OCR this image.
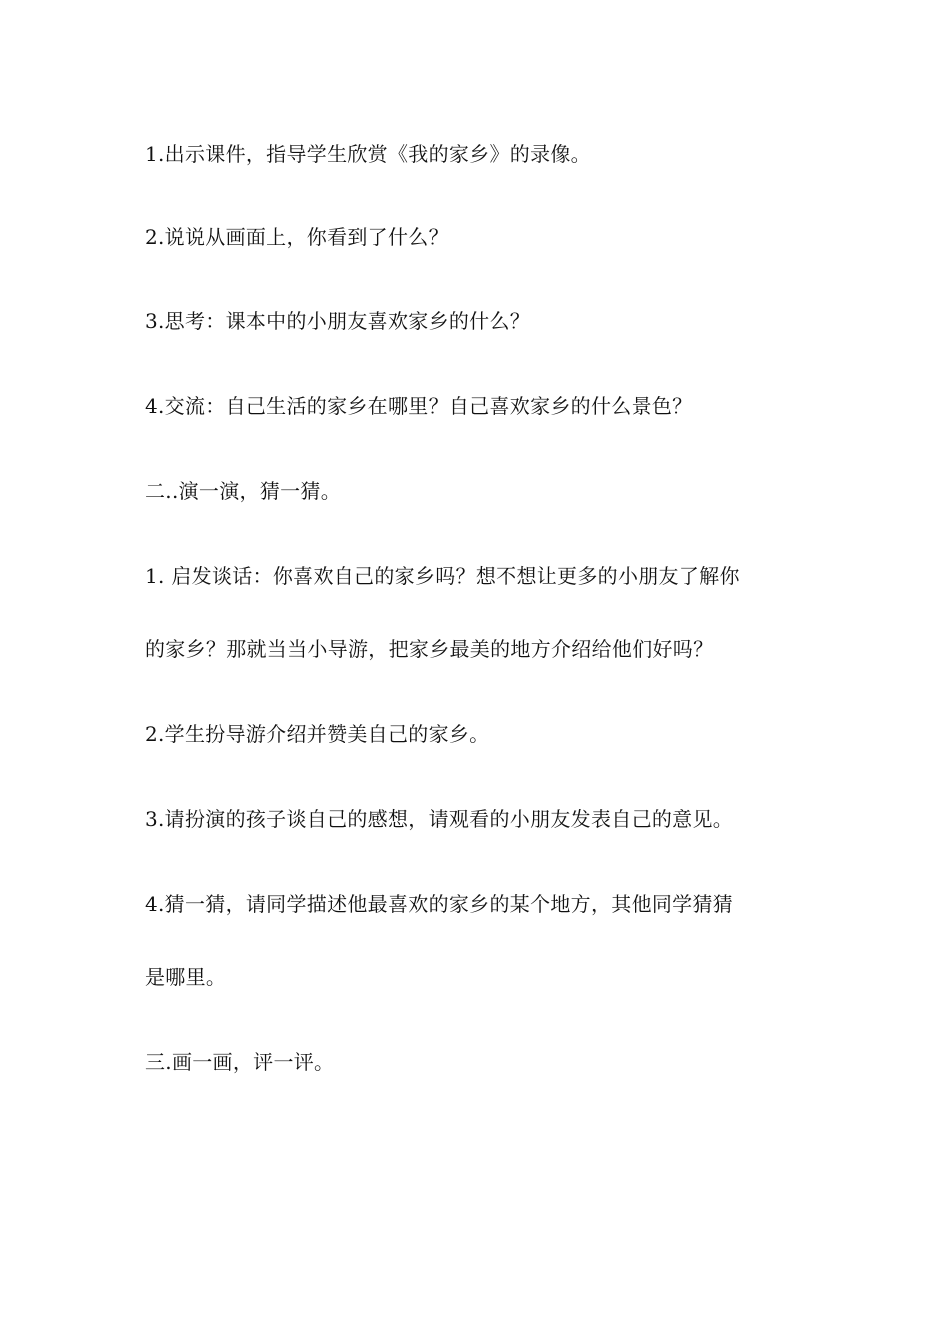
1.出示课件，指导学生欣赏《我的家乡》的录像。
2.说说从画面上，你看到了什么？
3.思考：课本中的小朋友喜欢家乡的什么？
4.交流：自己生活的家乡在哪里？自己喜欢家乡的什么景色？
二..演一演，猜一猜。
1. 启发谈话：你喜欢自己的家乡吗？想不想让更多的小朋友了解你
的家乡？那就当当小导游，把家乡最美的地方介绍给他们好吗？
2.学生扮导游介绍并赞美自己的家乡。
3.请扮演的孩子谈自己的感想，请观看的小朋友发表自己的意见。
4.猜一猜，请同学描述他最喜欢的家乡的某个地方，其他同学猜猜
是哪里。
三.画一画，评一评。
